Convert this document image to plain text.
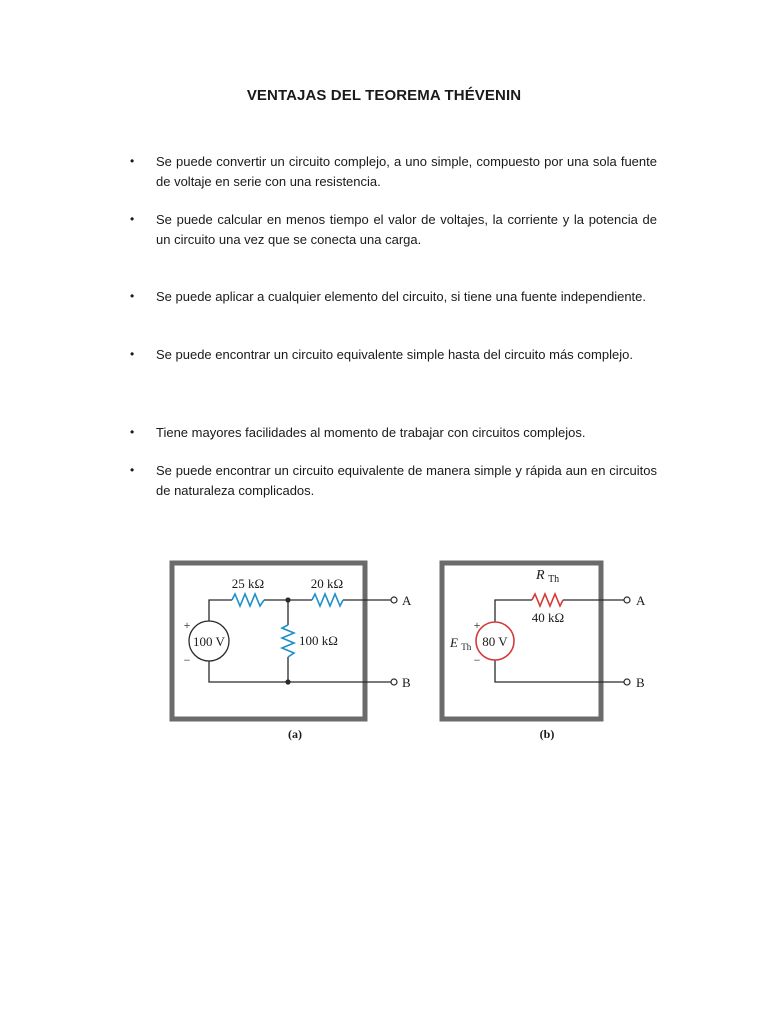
VENTAJAS DEL TEOREMA THÉVENIN
• Se puede convertir un circuito complejo, a uno simple, compuesto por una sola fuente de voltaje en serie con una resistencia.
• Se puede calcular en menos tiempo el valor de voltajes, la corriente y la potencia de un circuito una vez que se conecta una carga.
• Se puede aplicar a cualquier elemento del circuito, si tiene una fuente independiente.
• Se puede encontrar un circuito equivalente simple hasta del circuito más complejo.
• Tiene mayores facilidades al momento de trabajar con circuitos complejos.
• Se puede encontrar un circuito equivalente de manera simple y rápida aun en circuitos de naturaleza complicados.
100 V
+
−
25 kΩ	20 kΩ
100 kΩ
A
B
(a)
80 V
+
−
E $_{Th}$
R $_{Th}$
40 kΩ
A
B
(b)
